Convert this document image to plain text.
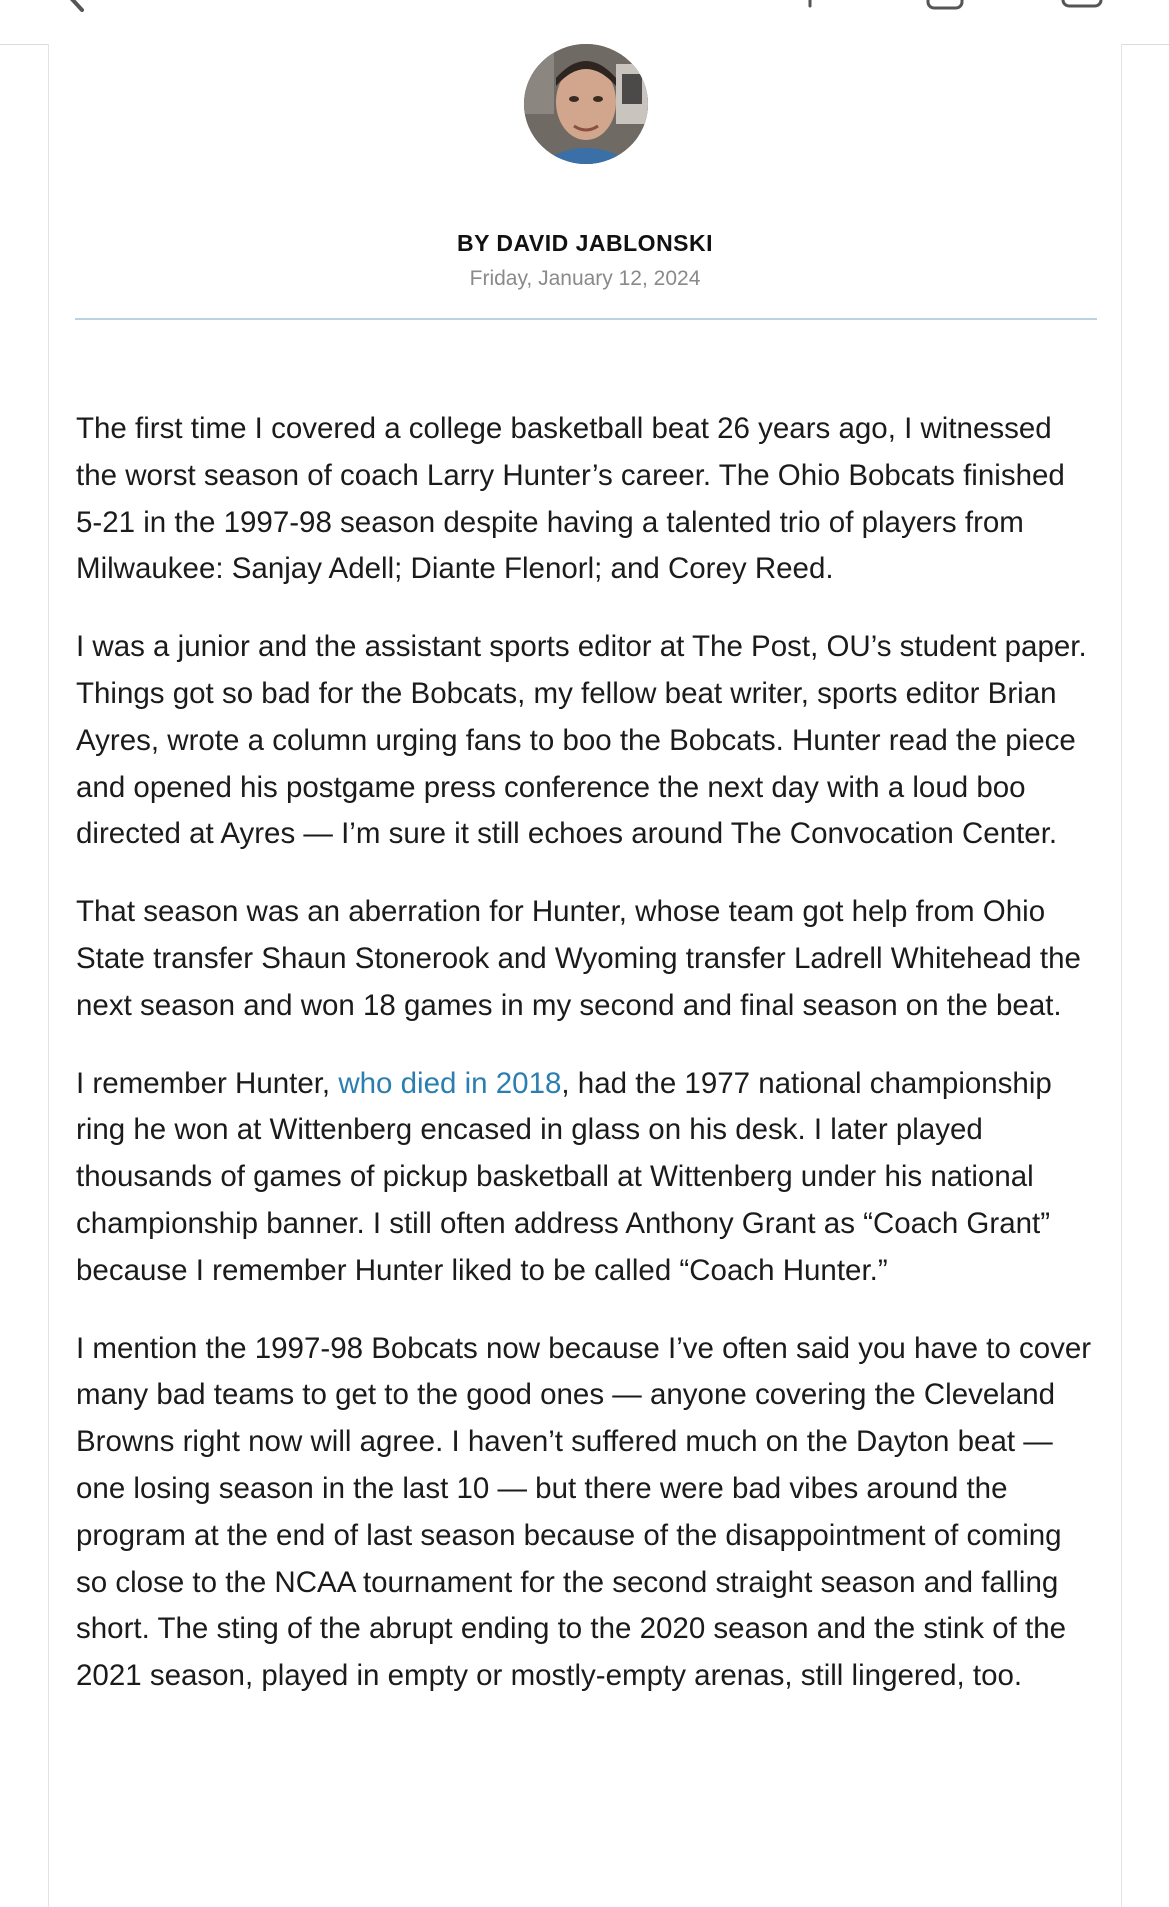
BY DAVID JABLONSKI
Friday, January 12, 2024

The first time I covered a college basketball beat 26 years ago, I witnessed the worst season of coach Larry Hunter’s career. The Ohio Bobcats finished 5-21 in the 1997-98 season despite having a talented trio of players from Milwaukee: Sanjay Adell; Diante Flenorl; and Corey Reed.

I was a junior and the assistant sports editor at The Post, OU’s student paper. Things got so bad for the Bobcats, my fellow beat writer, sports editor Brian Ayres, wrote a column urging fans to boo the Bobcats. Hunter read the piece and opened his postgame press conference the next day with a loud boo directed at Ayres — I’m sure it still echoes around The Convocation Center.

That season was an aberration for Hunter, whose team got help from Ohio State transfer Shaun Stonerook and Wyoming transfer Ladrell Whitehead the next season and won 18 games in my second and final season on the beat.

I remember Hunter, who died in 2018, had the 1977 national championship ring he won at Wittenberg encased in glass on his desk. I later played thousands of games of pickup basketball at Wittenberg under his national championship banner. I still often address Anthony Grant as “Coach Grant” because I remember Hunter liked to be called “Coach Hunter.”

I mention the 1997-98 Bobcats now because I’ve often said you have to cover many bad teams to get to the good ones — anyone covering the Cleveland Browns right now will agree. I haven’t suffered much on the Dayton beat — one losing season in the last 10 — but there were bad vibes around the program at the end of last season because of the disappointment of coming so close to the NCAA tournament for the second straight season and falling short. The sting of the abrupt ending to the 2020 season and the stink of the 2021 season, played in empty or mostly-empty arenas, still lingered, too.
